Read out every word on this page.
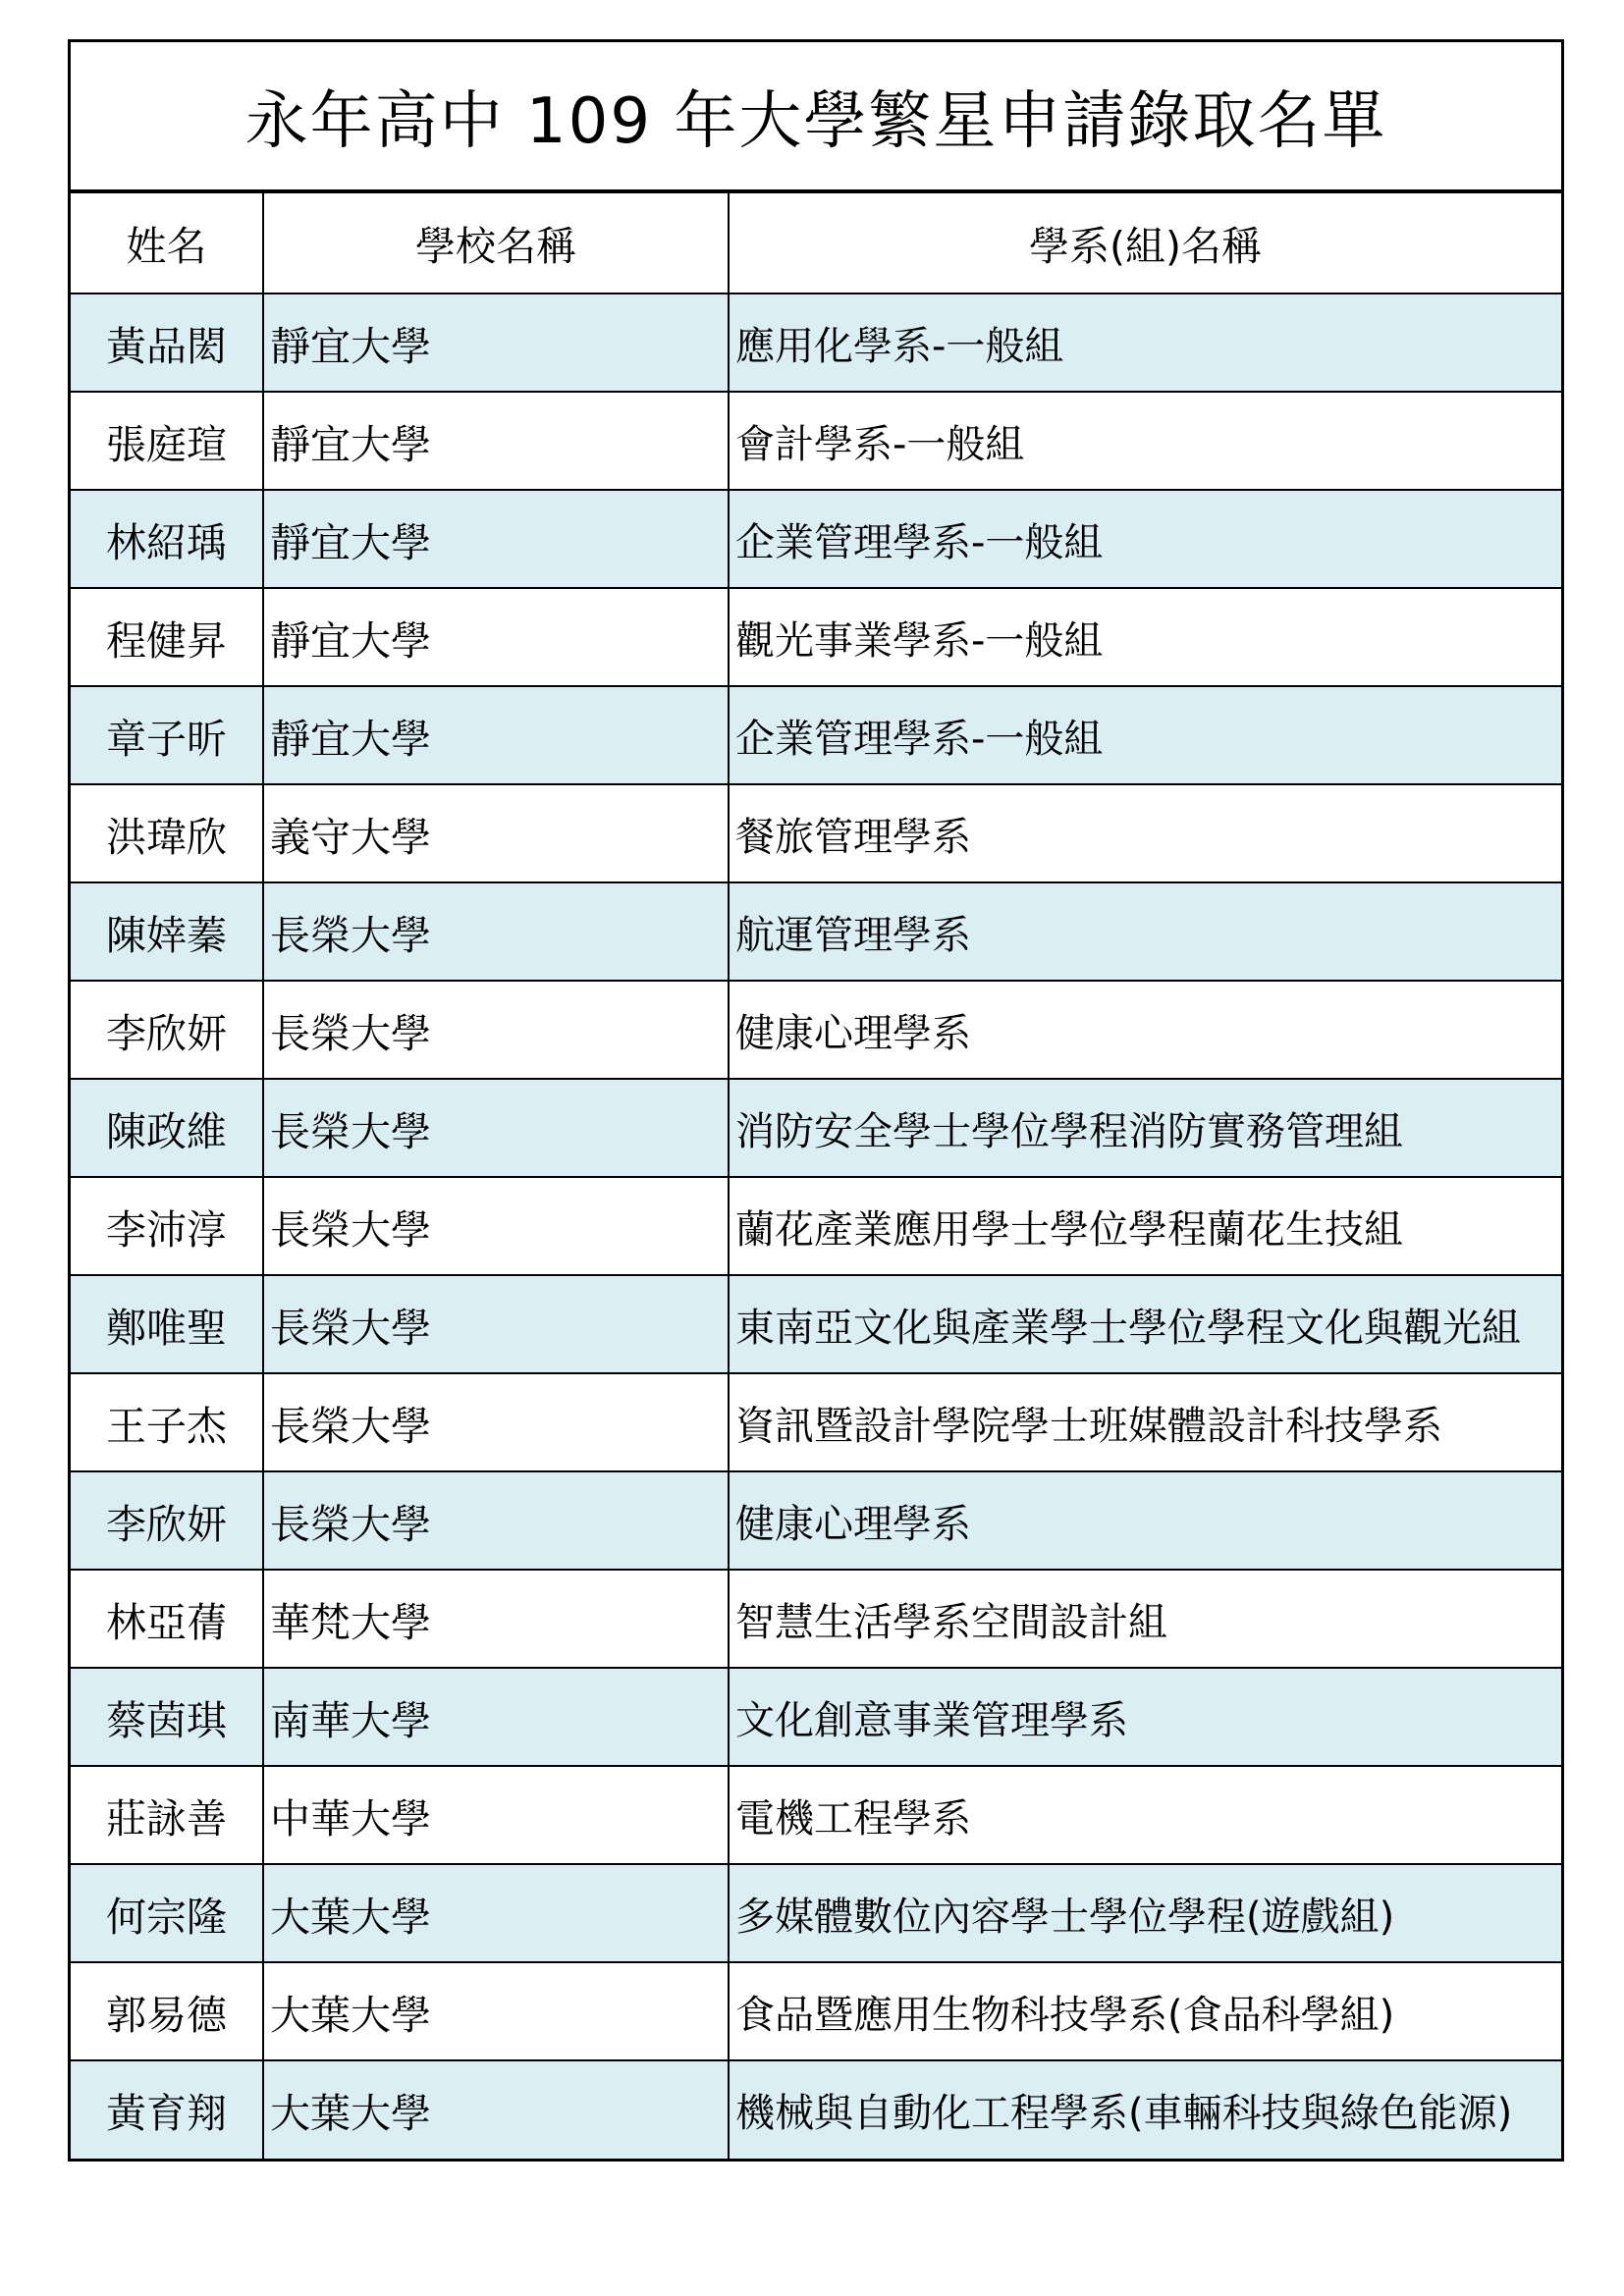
永年高中 109 年大學繁星申請錄取名單
姓名	學校名稱	學系(組)名稱
黃品閎	靜宜大學	應用化學系-一般組
張庭瑄	靜宜大學	會計學系-一般組
林紹瑀	靜宜大學	企業管理學系-一般組
程健昇	靜宜大學	觀光事業學系-一般組
章子昕	靜宜大學	企業管理學系-一般組
洪瑋欣	義守大學	餐旅管理學系
陳婞蓁	長榮大學	航運管理學系
李欣妍	長榮大學	健康心理學系
陳政維	長榮大學	消防安全學士學位學程消防實務管理組
李沛淳	長榮大學	蘭花產業應用學士學位學程蘭花生技組
鄭唯聖	長榮大學	東南亞文化與產業學士學位學程文化與觀光組
王子杰	長榮大學	資訊暨設計學院學士班媒體設計科技學系
李欣妍	長榮大學	健康心理學系
林亞蒨	華梵大學	智慧生活學系空間設計組
蔡茵琪	南華大學	文化創意事業管理學系
莊詠善	中華大學	電機工程學系
何宗隆	大葉大學	多媒體數位內容學士學位學程(遊戲組)
郭易德	大葉大學	食品暨應用生物科技學系(食品科學組)
黃育翔	大葉大學	機械與自動化工程學系(車輛科技與綠色能源)
